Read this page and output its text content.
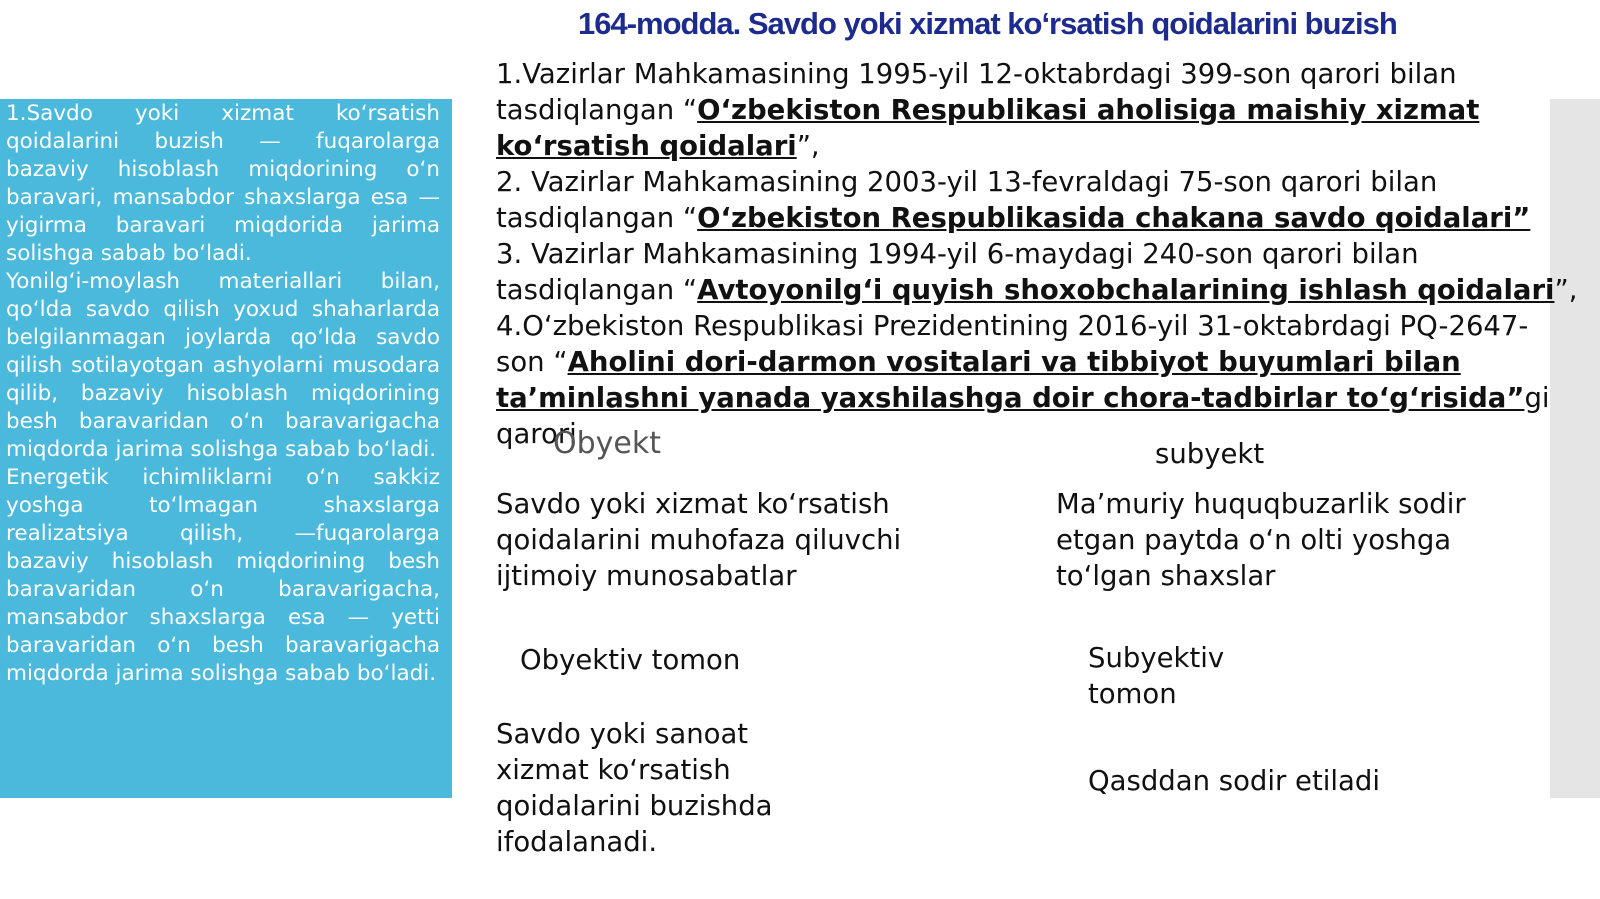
164-modda. Savdo yoki xizmat ko‘rsatish qoidalarini buzish

1.Savdo yoki xizmat ko‘rsatish qoidalarini buzish — fuqarolarga bazaviy hisoblash miqdorining o‘n baravari, mansabdor shaxslarga esa — yigirma baravari miqdorida jarima solishga sabab bo‘ladi.

Yonilg‘i-moylash materiallari bilan, qo‘lda savdo qilish yoxud shaharlarda belgilanmagan joylarda qo‘lda savdo qilish sotilayotgan ashyolarni musodara qilib, bazaviy hisoblash miqdorining besh baravaridan o‘n baravarigacha miqdorda jarima solishga sabab bo‘ladi.

Energetik ichimliklarni o‘n sakkiz yoshga to‘lmagan shaxslarga realizatsiya qilish, —fuqarolarga bazaviy hisoblash miqdorining besh baravaridan o‘n baravarigacha, mansabdor shaxslarga esa — yetti baravaridan o‘n besh baravarigacha miqdorda jarima solishga sabab bo‘ladi.

1.Vazirlar Mahkamasining 1995-yil 12-oktabrdagi 399-son qarori bilan
tasdiqlangan “O‘zbekiston Respublikasi aholisiga maishiy xizmat
ko‘rsatish qoidalari”,
2. Vazirlar Mahkamasining 2003-yil 13-fevraldagi 75-son qarori bilan
tasdiqlangan “O‘zbekiston Respublikasida chakana savdo qoidalari”
3. Vazirlar Mahkamasining 1994-yil 6-maydagi 240-son qarori bilan
tasdiqlangan “Avtoyonilg‘i quyish shoxobchalarining ishlash qoidalari”,
4.O‘zbekiston Respublikasi Prezidentining 2016-yil 31-oktabrdagi PQ-2647-
son “Aholini dori-darmon vositalari va tibbiyot buyumlari bilan
ta’minlashni yanada yaxshilashga doir chora-tadbirlar to‘g‘risida”gi
qarori.
Obyekt	subyekt
Savdo yoki xizmat ko‘rsatish qoidalarini muhofaza qiluvchi ijtimoiy munosabatlar
Ma’muriy huquqbuzarlik sodir etgan paytda o‘n olti yoshga to‘lgan shaxslar
Obyektiv tomon	Subyektiv tomon
Savdo yoki sanoat xizmat ko‘rsatish qoidalarini buzishda ifodalanadi.
Qasddan sodir etiladi
